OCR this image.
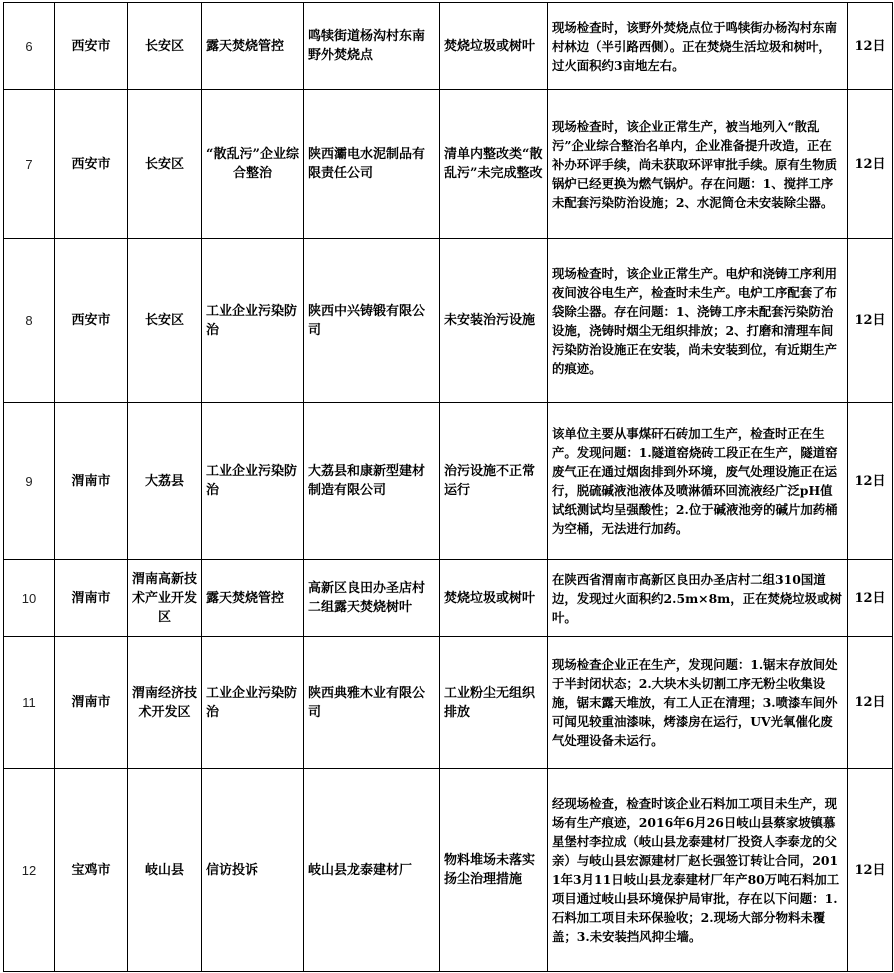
6	西安市	长安区	露天焚烧管控	鸣犊街道杨沟村东南野外焚烧点	焚烧垃圾或树叶	现场检查时，该野外焚烧点位于鸣犊街办杨沟村东南村林边（半引路西侧）。正在焚烧生活垃圾和树叶，过火面积约3亩地左右。	12日
7	西安市	长安区	“散乱污”企业综合整治	陕西灞电水泥制品有限责任公司	清单内整改类“散乱污”未完成整改	现场检查时，该企业正常生产，被当地列入“散乱污”企业综合整治名单内，企业准备提升改造，正在补办环评手续，尚未获取环评审批手续。原有生物质锅炉已经更换为燃气锅炉。存在问题：1、搅拌工序未配套污染防治设施；2、水泥筒仓未安装除尘器。	12日
8	西安市	长安区	工业企业污染防治	陕西中兴铸锻有限公司	未安装治污设施	现场检查时，该企业正常生产。电炉和浇铸工序利用夜间波谷电生产，检查时未生产。电炉工序配套了布袋除尘器。存在问题：1、浇铸工序未配套污染防治设施，浇铸时烟尘无组织排放；2、打磨和清理车间污染防治设施正在安装，尚未安装到位，有近期生产的痕迹。	12日
9	渭南市	大荔县	工业企业污染防治	大荔县和康新型建材制造有限公司	治污设施不正常运行	该单位主要从事煤矸石砖加工生产，检查时正在生产。发现问题：1.隧道窑烧砖工段正在生产，隧道窑废气正在通过烟囱排到外环境，废气处理设施正在运行，脱硫碱液池液体及喷淋循环回流液经广泛pH值试纸测试均呈强酸性；2.位于碱液池旁的碱片加药桶为空桶，无法进行加药。	12日
10	渭南市	渭南高新技术产业开发区	露天焚烧管控	高新区良田办圣店村二组露天焚烧树叶	焚烧垃圾或树叶	在陕西省渭南市高新区良田办圣店村二组310国道边，发现过火面积约2.5m×8m，正在焚烧垃圾或树叶。	12日
11	渭南市	渭南经济技术开发区	工业企业污染防治	陕西典雅木业有限公司	工业粉尘无组织排放	现场检查企业正在生产，发现问题：1.锯末存放间处于半封闭状态；2.大块木头切割工序无粉尘收集设施，锯末露天堆放，有工人正在清理；3.喷漆车间外可闻见较重油漆味，烤漆房在运行，UV光氧催化废气处理设备未运行。	12日
12	宝鸡市	岐山县	信访投诉	岐山县龙泰建材厂	物料堆场未落实扬尘治理措施	经现场检查，检查时该企业石料加工项目未生产，现场有生产痕迹，2016年6月26日岐山县蔡家坡镇慕星堡村李拉成（岐山县龙泰建材厂投资人李泰龙的父亲）与岐山县宏源建材厂赵长强签订转让合同，2011年3月11日岐山县龙泰建材厂年产80万吨石料加工项目通过岐山县环境保护局审批，存在以下问题：1.石料加工项目未环保验收；2.现场大部分物料未覆盖；3.未安装挡风抑尘墙。	12日
